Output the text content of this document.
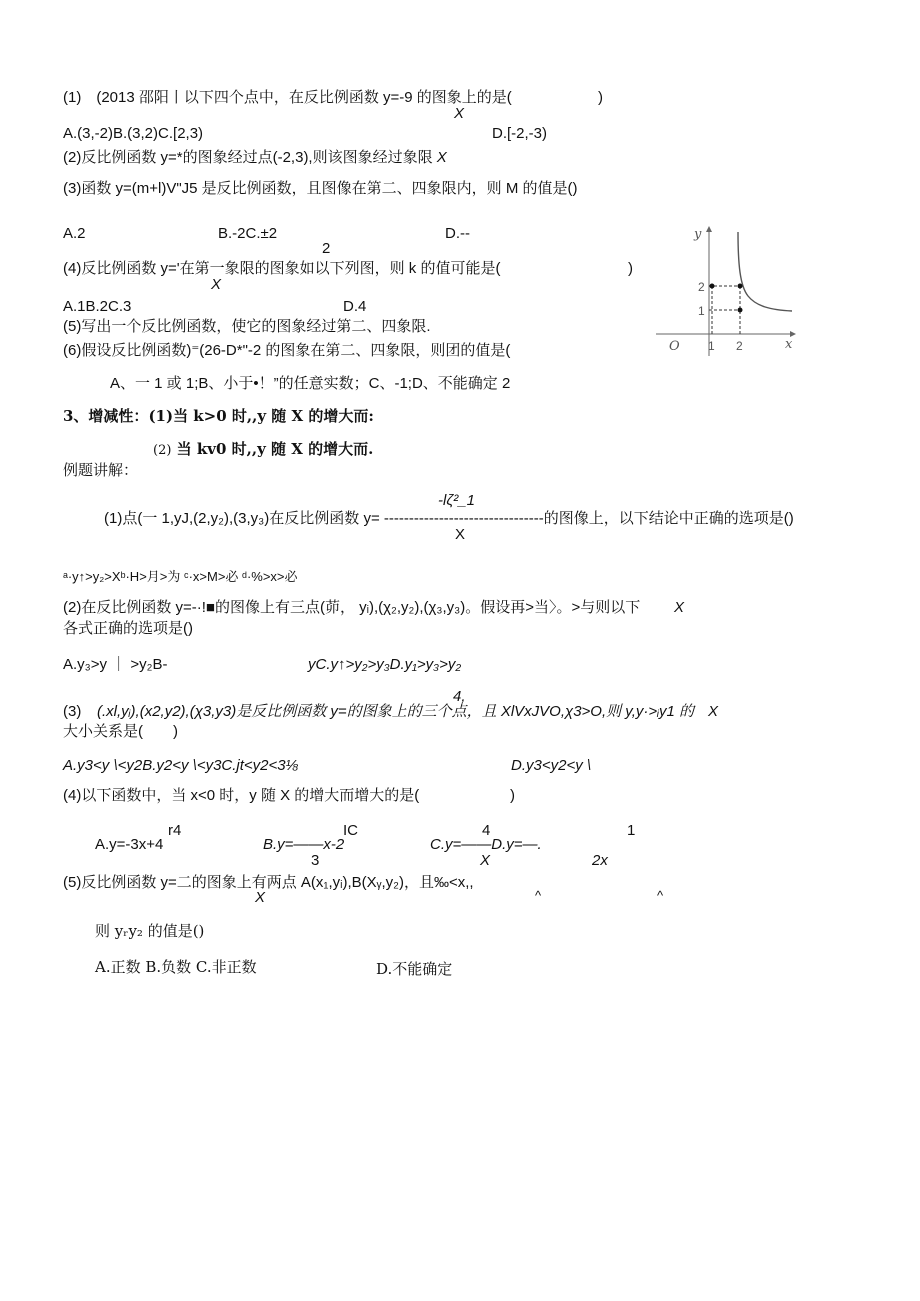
(1)　(2013 邵阳丨以下四个点中，在反比例函数 y=-9 的图象上的是(	)
X
A.(3,-2)B.(3,2)C.[2,3)	D.[-2,-3)
(2)反比例函数 y=*的图象经过点(-2,3),则该图象经过象限 X
(3)函数 y=(m+l)V"J5 是反比例函数，且图像在第二、四象限内，则 M 的值是()
A.2	B.-2C.±2	D.--
2
(4)反比例函数 y='在第一象限的图象如以下列图，则 k 的值可能是(	)
X
A.1B.2C.3	D.4
(5)写出一个反比例函数，使它的图象经过第二、四象限.
(6)假设反比例函数)⁼(26-D*"-2 的图象在第二、四象限，则团的值是(
A、一 1 或 1;B、小于•！”的任意实数；C、-1;D、不能确定 2
y
x
O 1 2
2
1
3、增减性：(1)当 k>0 时,,y 随 X 的增大而:
(2) 当 kv0 时,,y 随 X 的增大而.
例题讲解：
-lζ²_1
(1)点(一 1,yJ,(2,y₂),(3,y₃)在反比例函数 y= --------------------------------的图像上，以下结论中正确的选项是()
X
ᵃ·y↑>y₂>Xᵇ·H>月>为 ᶜ·x>M>必 ᵈ·%>x>必
(2)在反比例函数 y=-·!■的图像上有三点(茆， yᵢ),(χ₂,y₂),(χ₃,y₃)。假设再>当〉。>与则以下 X
各式正确的选项是()
A.y₃>y ｜ >y₂B-	yC.y↑>y₂>y₃D.y₁>y₃>y₂
4,
(3) (.xl,yᵢ),(x2,y2),(χ3,y3)是反比例函数 y=的图象上的三个点，且 XlVxJVO,χ3>O,则 y,y·>ᵢy1 的 X
大小关系是(　　)
A.y3<y \<y2B.y2<y \<y3C.jt<y2<3⅛	D.y3<y2<y \
(4)以下函数中，当 x<0 时，y 随 X 的增大而增大的是(	)
r4	IC	4	1
A.y=-3x+4	B.y=——x-2	C.y=——D.y=—.
3	X	2x
(5)反比例函数 y=二的图象上有两点 A(x₁,yᵢ),B(Xᵧ,y₂)，且‰<x,,
X	^	^
则 yᵣy₂ 的值是()
A.正数 B.负数 C.非正数	D.不能确定
